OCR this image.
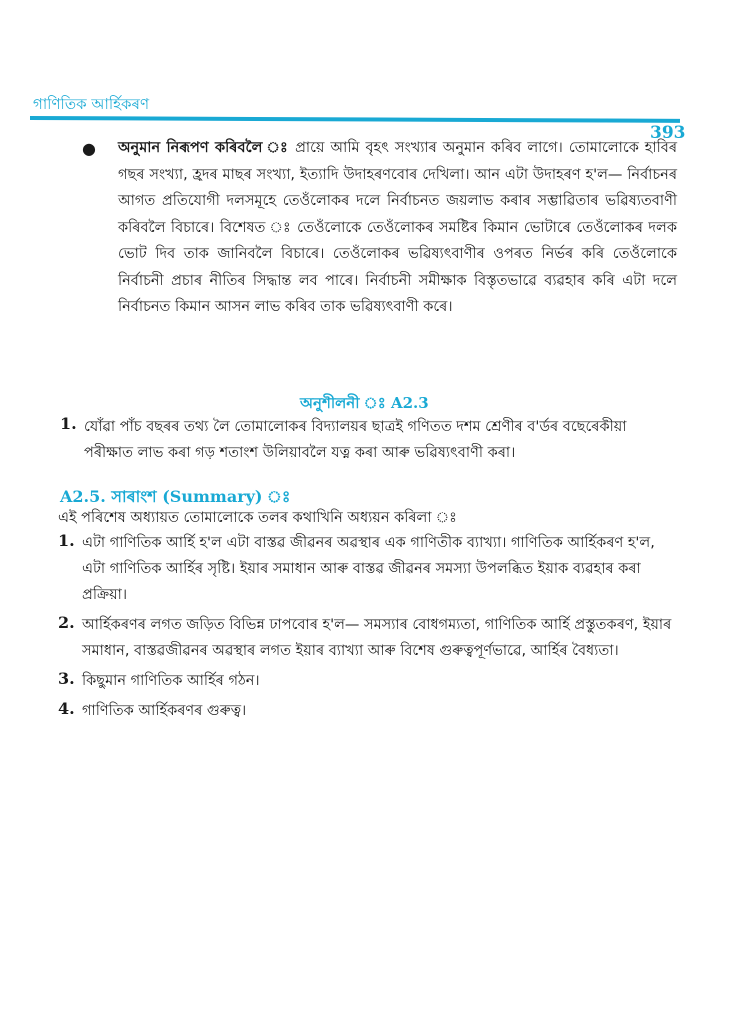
গাণিতিক আৰ্হিকৰণ
393
● অনুমান নিৰূপণ কৰিবলৈ ঃ প্ৰায়ে আমি বৃহৎ সংখ্যাৰ অনুমান কৰিব লাগে। তোমালোকে হাবিৰ গছৰ সংখ্যা, হ্ৰদৰ মাছৰ সংখ্যা, ইত্যাদি উদাহৰণবোৰ দেখিলা। আন এটা উদাহৰণ হ'ল— নিৰ্বাচনৰ আগত প্ৰতিযোগী দলসমূহে তেওঁলোকৰ দলে নিৰ্বাচনত জয়লাভ কৰাৰ সম্ভাৱিতাৰ ভৱিষ্যতবাণী কৰিবলৈ বিচাৰে। বিশেষত ঃ তেওঁলোকে তেওঁলোকৰ সমষ্টিৰ কিমান ভোটাৰে তেওঁলোকৰ দলক ভোট দিব তাক জানিবলৈ বিচাৰে। তেওঁলোকৰ ভৱিষ্যৎবাণীৰ ওপৰত নিৰ্ভৰ কৰি তেওঁলোকে নিৰ্বাচনী প্ৰচাৰ নীতিৰ সিদ্ধান্ত লব পাৰে। নিৰ্বাচনী সমীক্ষাক বিস্তৃতভাৱে ব্যৱহাৰ কৰি এটা দলে নিৰ্বাচনত কিমান আসন লাভ কৰিব তাক ভৱিষ্যৎবাণী কৰে।
অনুশীলনী ঃ A2.3
1. যোঁৱা পাঁচ বছৰৰ তথ্য লৈ তোমালোকৰ বিদ্যালয়ৰ ছাত্ৰই গণিতত দশম শ্ৰেণীৰ ব'ৰ্ডৰ বছেৰেকীয়া পৰীক্ষাত লাভ কৰা গড় শতাংশ উলিয়াবলৈ যত্ন কৰা আৰু ভৱিষ্যৎবাণী কৰা।
A2.5. সাৰাংশ (Summary) ঃ
এই পৰিশেষ অধ্যায়ত তোমালোকে তলৰ কথাখিনি অধ্যয়ন কৰিলা ঃ
1. এটা গাণিতিক আৰ্হি হ'ল এটা বাস্তৱ জীৱনৰ অৱস্থাৰ এক গাণিতীক ব্যাখ্যা। গাণিতিক আৰ্হিকৰণ হ'ল, এটা গাণিতিক আৰ্হিৰ সৃষ্টি। ইয়াৰ সমাধান আৰু বাস্তৱ জীৱনৰ সমস্যা উপলব্ধিত ইয়াক ব্যৱহাৰ কৰা প্ৰক্ৰিয়া।
2. আৰ্হিকৰণৰ লগত জড়িত বিভিন্ন ঢাপবোৰ হ'ল— সমস্যাৰ বোধগম্যতা, গাণিতিক আৰ্হি প্ৰস্তুতকৰণ, ইয়াৰ সমাধান, বাস্তৱজীৱনৰ অৱস্থাৰ লগত ইয়াৰ ব্যাখ্যা আৰু বিশেষ গুৰুত্বপূৰ্ণভাৱে, আৰ্হিৰ বৈধ্যতা।
3. কিছুমান গাণিতিক আৰ্হিৰ গঠন।
4. গাণিতিক আৰ্হিকৰণৰ গুৰুত্ব।
